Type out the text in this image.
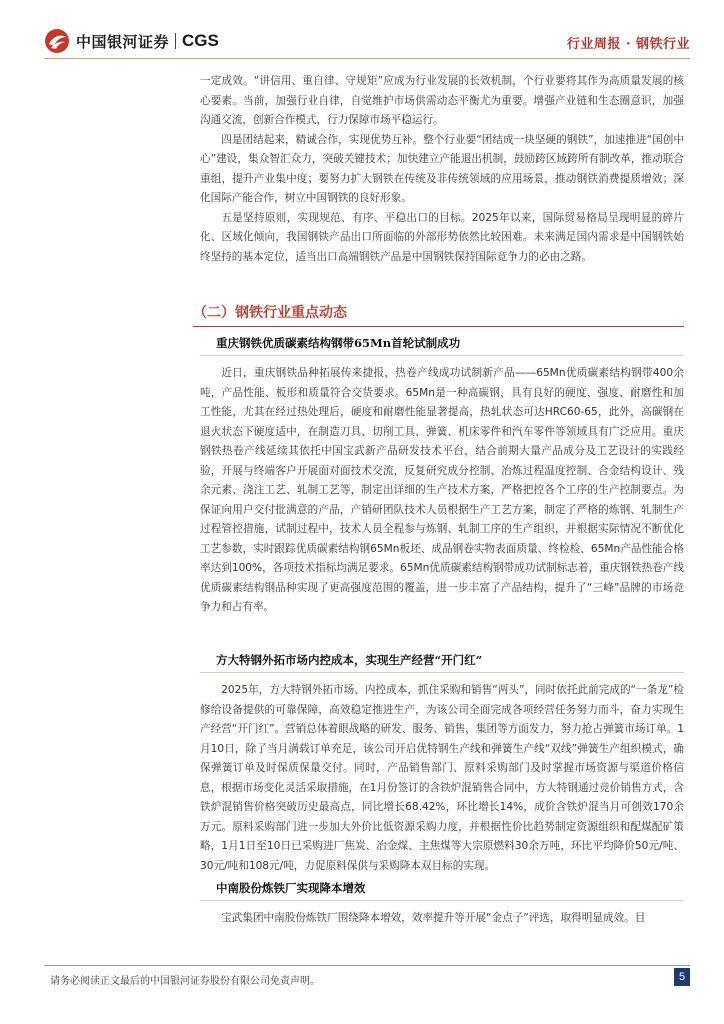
中国银河证券 CGS	行业周报 · 钢铁行业

一定成效。“讲信用、重自律、守规矩”应成为行业发展的长效机制，个行业要将其作为高质量发展的核心要素。当前，加强行业自律，自觉维护市场供需动态平衡尤为重要。增强产业链和生态圈意识，加强沟通交流，创新合作模式，行力保障市场平稳运行。

四是团结起来，精诚合作，实现优势互补。整个行业要“团结成一块坚硬的钢铁”，加速推进“国创中心”建设，集众智汇众力，突破关键技术；加快建立产能退出机制，鼓励跨区域跨所有制改革，推动联合重组，提升产业集中度；要努力扩大钢铁在传统及非传统领域的应用场景，推动钢铁消费提质增效；深化国际产能合作，树立中国钢铁的良好形象。

五是坚持原则，实现规范、有序、平稳出口的目标。2025年以来，国际贸易格局呈现明显的碎片化、区域化倾向，我国钢铁产品出口所面临的外部形势依然比较困难。未来满足国内需求是中国钢铁始终坚持的基本定位，适当出口高端钢铁产品是中国钢铁保持国际竞争力的必由之路。

（二）钢铁行业重点动态
重庆钢铁优质碳素结构钢带65Mn首轮试制成功

近日，重庆钢铁品种拓展传来捷报，热卷产线成功试制新产品——65Mn优质碳素结构钢带400余吨，产品性能、板形和质量符合交货要求。65Mn是一种高碳钢，具有良好的硬度、强度、耐磨性和加工性能，尤其在经过热处理后，硬度和耐磨性能显著提高，热轧状态可达HRC60-65，此外，高碳钢在退火状态下硬度适中，在制造刀具、切削工具、弹簧、机床零件和汽车零件等领域具有广泛应用。重庆钢铁热卷产线延续其依托中国宝武新产品研发技术平台，结合前期大量产品成分及工艺设计的实践经验，开展与终端客户开展面对面技术交流，反复研究成分控制、冶炼过程温度控制、合金结构设计、残余元素、浇注工艺、轧制工艺等，制定出详细的生产技术方案，严格把控各个工序的生产控制要点。为保证向用户交付批满意的产品，产销研团队技术人员根据生产工艺方案，制定了严格的炼钢、轧制生产过程管控措施，试制过程中，技术人员全程参与炼钢、轧制工序的生产组织，并根据实际情况不断优化工艺参数，实时跟踪优质碳素结构钢65Mn板坯、成品钢卷实物表面质量、终检检、65Mn产品性能合格率达到100%，各项技术指标均满足要求。65Mn优质碳素结构钢带成功试制标志着，重庆钢铁热卷产线优质碳素结构钢品种实现了更高强度范围的覆盖，进一步丰富了产品结构，提升了“三峰”品牌的市场竞争力和占有率。

方大特钢外拓市场内控成本，实现生产经营“开门红”

2025年，方大特钢外拓市场、内控成本，抓住采购和销售“两头”，同时依托此前完成的“一条龙”检修给设备提供的可靠保障，高效稳定推进生产，为该公司全面完成各项经营任务努力而斗，奋力实现生产经营“开门红”。营销总体着眼战略的研发、服务、销售，集团等方面发力，努力抢占弹簧市场订单。1月10日，除了当月满载订单充足，该公司开启优特钢生产线和弹簧生产线“双线”弹簧生产组织模式，确保弹簧订单及时保质保量交付。同时，产品销售部门、原料采购部门及时掌握市场资源与渠道价格信息，根据市场变化灵活采取措施，在1月份签订的含铁炉混销售合同中，方大特钢通过竞价销售方式，含铁炉混销售价格突破历史最高点，同比增长68.42%，环比增长14%，成价含铁炉混当月可创效170余万元。原料采购部门进一步加大外价比低资源采购力度，并根据性价比趋势制定资源组织和配煤配矿策略，1月1日至10日已采购进厂焦炭、冶金煤、主焦煤等大宗原燃料30余万吨，环比平均降价50元/吨、30元/吨和108元/吨，力促原料保供与采购降本双目标的实现。

中南股份炼铁厂实现降本增效

宝武集团中南股份炼铁厂围绕降本增效，效率提升等开展“金点子”评选，取得明显成效。目

请务必阅读正文最后的中国银河证券股份有限公司免责声明。	5
